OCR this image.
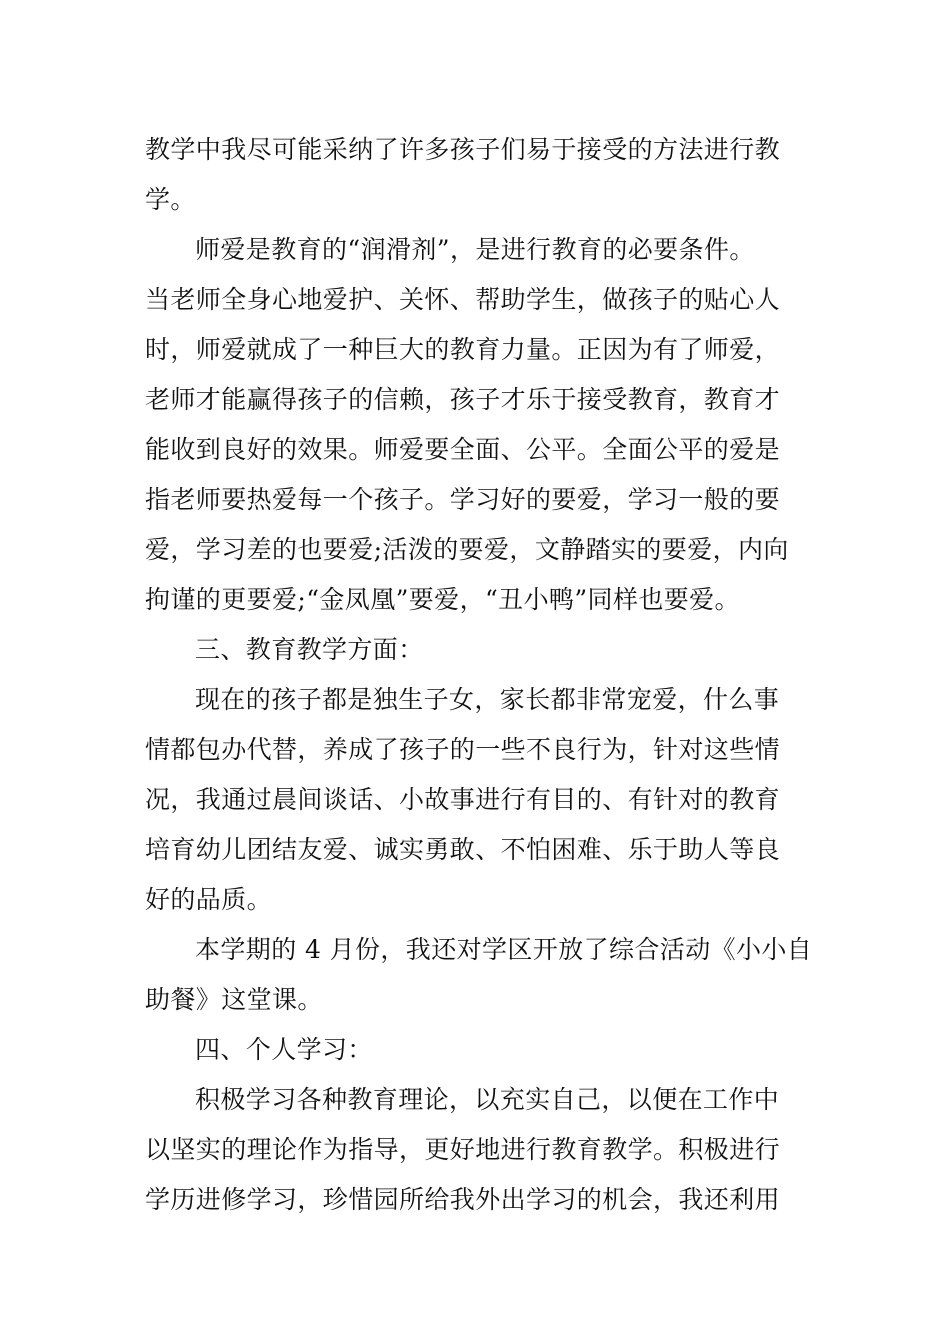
教学中我尽可能采纳了许多孩子们易于接受的方法进行教
学。
师爱是教育的“润滑剂”，是进行教育的必要条件。
当老师全身心地爱护、关怀、帮助学生，做孩子的贴心人
时，师爱就成了一种巨大的教育力量。正因为有了师爱，
老师才能赢得孩子的信赖，孩子才乐于接受教育，教育才
能收到良好的效果。师爱要全面、公平。全面公平的爱是
指老师要热爱每一个孩子。学习好的要爱，学习一般的要
爱，学习差的也要爱;活泼的要爱，文静踏实的要爱，内向
拘谨的更要爱;“金凤凰”要爱，“丑小鸭”同样也要爱。
三、教育教学方面：
现在的孩子都是独生子女，家长都非常宠爱，什么事
情都包办代替，养成了孩子的一些不良行为，针对这些情
况，我通过晨间谈话、小故事进行有目的、有针对的教育
培育幼儿团结友爱、诚实勇敢、不怕困难、乐于助人等良
好的品质。
本学期的 4 月份，我还对学区开放了综合活动《小小自
助餐》这堂课。
四、个人学习：
积极学习各种教育理论，以充实自己，以便在工作中
以坚实的理论作为指导，更好地进行教育教学。积极进行
学历进修学习，珍惜园所给我外出学习的机会，我还利用
